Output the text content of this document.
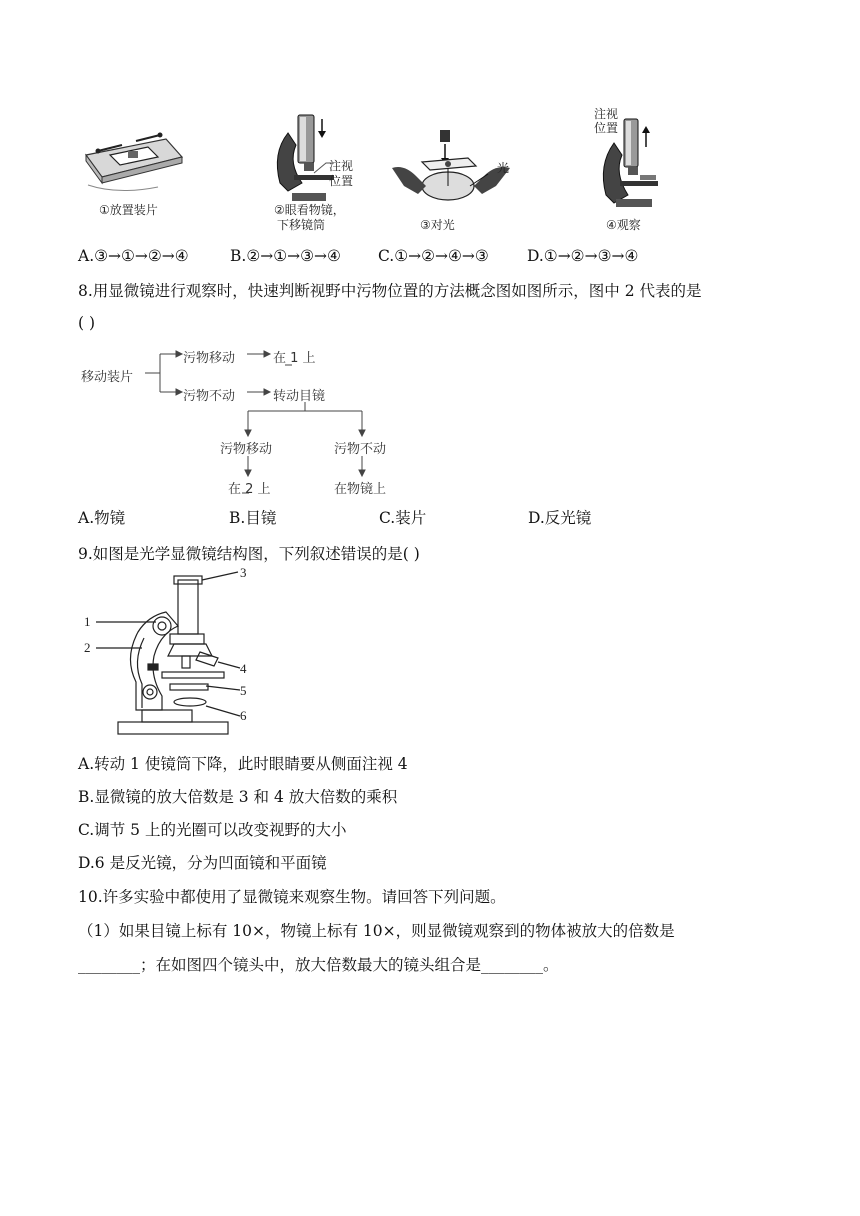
①放置装片
注视
位置
②眼看物镜，
下移镜筒
光
③对光
注视
位置
④观察
A.③→①→②→④	B.②→①→③→④ C.①→②→④→③ D.①→②→③→④
8.用显微镜进行观察时，快速判断视野中污物位置的方法概念图如图所示，图中 2 代表的是
( )
移动装片
污物移动	在 1 上
污物不动	转动目镜
污物移动	污物不动
在 2 上	在物镜上
A.物镜	B.目镜	C.装片	D.反光镜
9.如图是光学显微镜结构图，下列叙述错误的是( )
1
2
3
4
5
6
A.转动 1 使镜筒下降，此时眼睛要从侧面注视 4
B.显微镜的放大倍数是 3 和 4 放大倍数的乘积
C.调节 5 上的光圈可以改变视野的大小
D.6 是反光镜，分为凹面镜和平面镜
10.许多实验中都使用了显微镜来观察生物。请回答下列问题。
（1）如果目镜上标有 10×，物镜上标有 10×，则显微镜观察到的物体被放大的倍数是
________；在如图四个镜头中，放大倍数最大的镜头组合是________。
